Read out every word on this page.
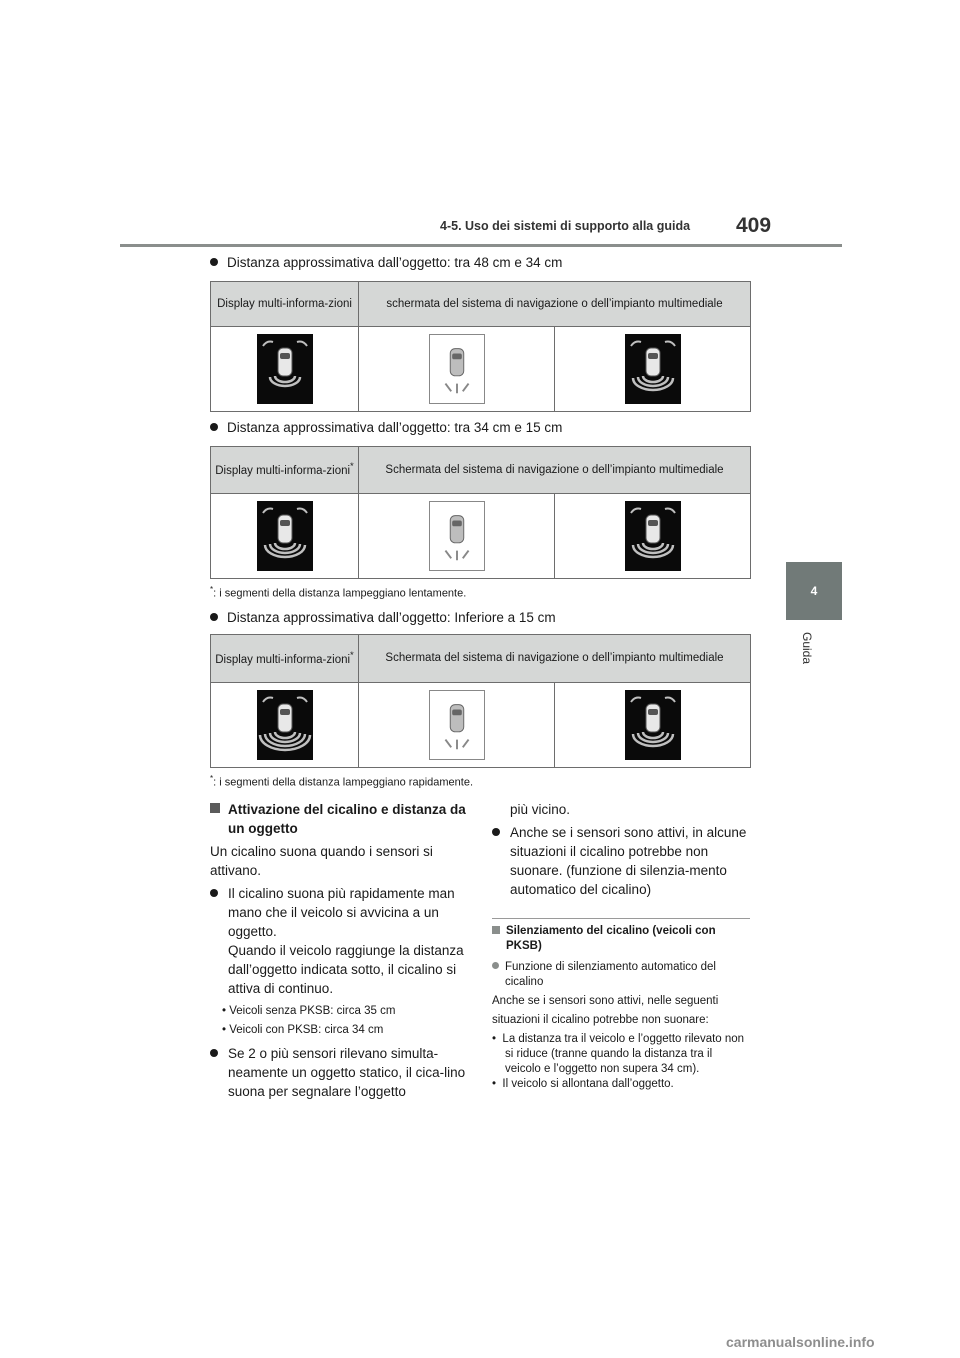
4-5. Uso dei sistemi di supporto alla guida 409
4
Guida
Distanza approssimativa dall’oggetto: tra 48 cm e 34 cm
Display multi-informa-zioni	schermata del sistema di navigazione o dell’impianto multimediale	

Distanza approssimativa dall’oggetto: tra 34 cm e 15 cm
Display multi-informa-zioni*	Schermata del sistema di navigazione o dell’impianto multimediale	

*: i segmenti della distanza lampeggiano lentamente.
Distanza approssimativa dall’oggetto: Inferiore a 15 cm
Display multi-informa-zioni*	Schermata del sistema di navigazione o dell’impianto multimediale	

*: i segmenti della distanza lampeggiano rapidamente.
Attivazione del cicalino e distanza da un oggetto
Un cicalino suona quando i sensori si attivano.
Il cicalino suona più rapidamente man mano che il veicolo si avvicina a un oggetto.
Quando il veicolo raggiunge la distanza dall’oggetto indicata sotto, il cicalino si attiva di continuo.
• Veicoli senza PKSB: circa 35 cm
• Veicoli con PKSB: circa 34 cm
Se 2 o più sensori rilevano simulta-neamente un oggetto statico, il cica-lino suona per segnalare l’oggetto
più vicino.
Anche se i sensori sono attivi, in alcune situazioni il cicalino potrebbe non suonare. (funzione di silenzia-mento automatico del cicalino)
Silenziamento del cicalino (veicoli con PKSB)
Funzione di silenziamento automatico del cicalino
Anche se i sensori sono attivi, nelle seguenti
situazioni il cicalino potrebbe non suonare:
•  La distanza tra il veicolo e l’oggetto rilevato non si riduce (tranne quando la distanza tra il veicolo e l’oggetto non supera 34 cm).
•  Il veicolo si allontana dall’oggetto.
carmanualsonline.info
